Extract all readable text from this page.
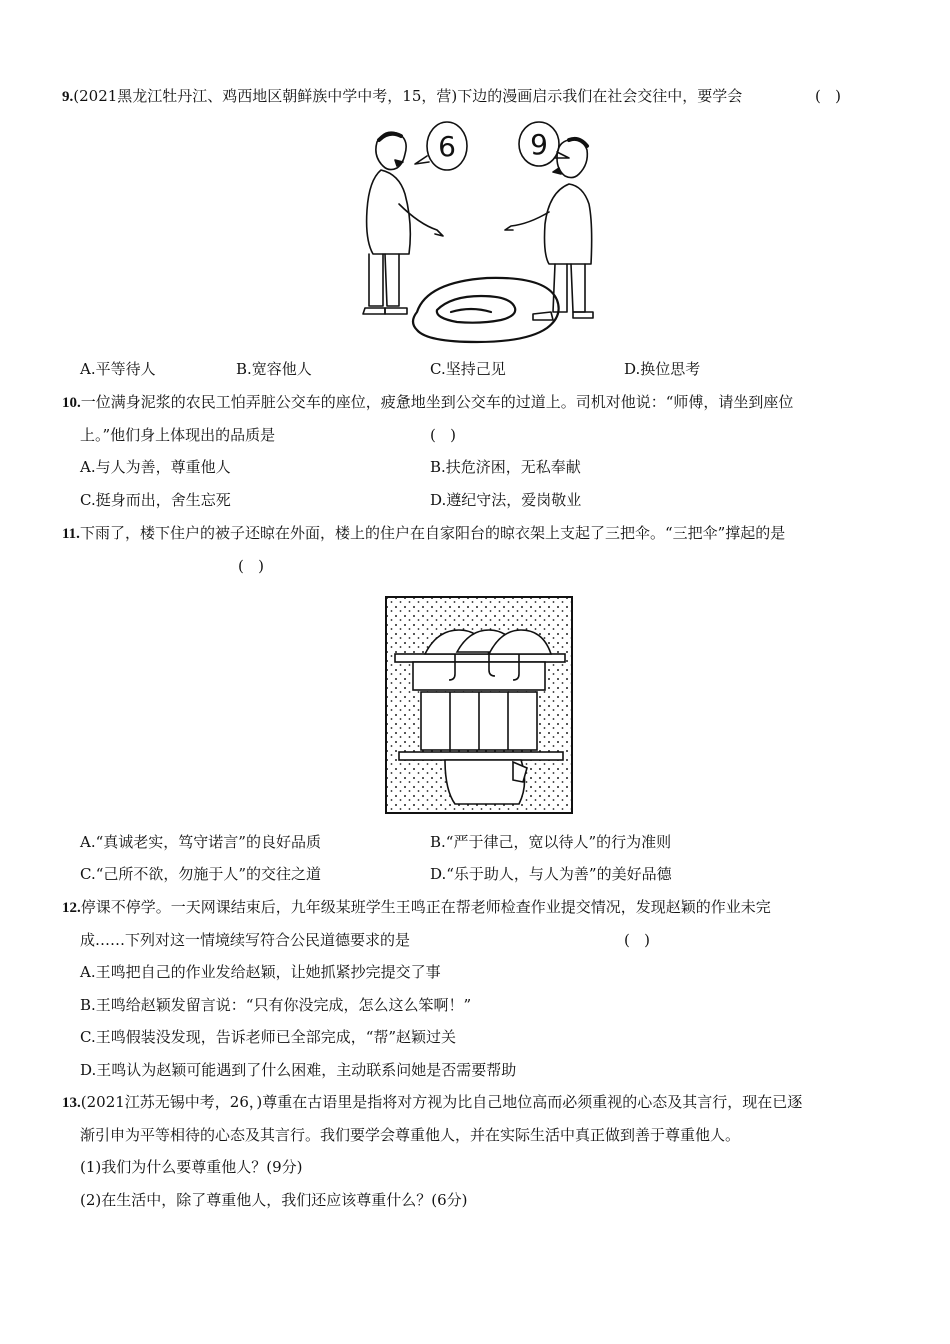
9.(2021黑龙江牡丹江、鸡西地区朝鲜族中学中考，15，营)下边的漫画启示我们在社会交往中，要学会	(   )
6	9
A.平等待人	B.宽容他人	C.坚持己见	D.换位思考
10.一位满身泥浆的农民工怕弄脏公交车的座位，疲惫地坐到公交车的过道上。司机对他说：“师傅，请坐到座位
上。”他们身上体现出的品质是	(   )
A.与人为善，尊重他人	B.扶危济困，无私奉献
C.挺身而出，舍生忘死	D.遵纪守法，爱岗敬业
11.下雨了，楼下住户的被子还晾在外面，楼上的住户在自家阳台的晾衣架上支起了三把伞。“三把伞”撑起的是
(   )
A.“真诚老实，笃守诺言”的良好品质	B.“严于律己，宽以待人”的行为准则
C.“己所不欲，勿施于人”的交往之道	D.“乐于助人，与人为善”的美好品德
12.停课不停学。一天网课结束后，九年级某班学生王鸣正在帮老师检查作业提交情况，发现赵颖的作业未完
成……下列对这一情境续写符合公民道德要求的是	(   )
A.王鸣把自己的作业发给赵颖，让她抓紧抄完提交了事
B.王鸣给赵颖发留言说：“只有你没完成，怎么这么笨啊！”
C.王鸣假装没发现，告诉老师已全部完成，“帮”赵颖过关
D.王鸣认为赵颖可能遇到了什么困难，主动联系问她是否需要帮助
13.(2021江苏无锡中考，26，)尊重在古语里是指将对方视为比自己地位高而必须重视的心态及其言行，现在已逐
渐引申为平等相待的心态及其言行。我们要学会尊重他人，并在实际生活中真正做到善于尊重他人。
(1)我们为什么要尊重他人？(9分)
(2)在生活中，除了尊重他人，我们还应该尊重什么？(6分)
